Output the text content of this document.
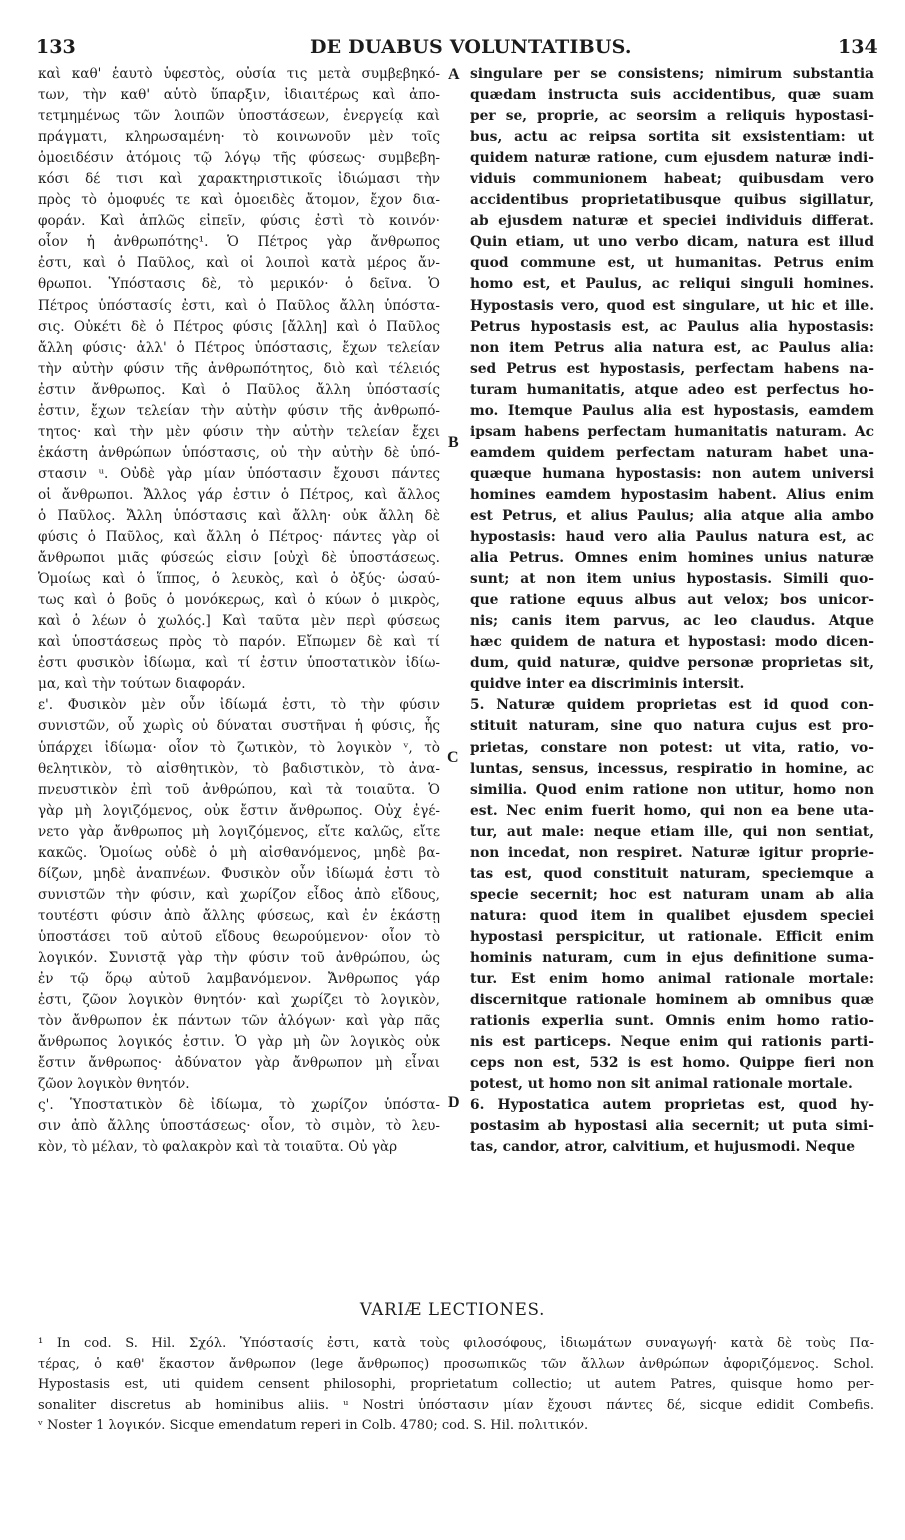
133	DE DUABUS VOLUNTATIBUS.	134
καὶ καθ' ἑαυτὸ ὑφεστὸς, οὐσία τις μετὰ συμβεβηκό-
των, τὴν καθ' αὑτὸ ὕπαρξιν, ἰδιαιτέρως καὶ ἀπο-
τετμημένως τῶν λοιπῶν ὑποστάσεων, ἐνεργείᾳ καὶ
πράγματι, κληρωσαμένη· τὸ κοινωνοῦν μὲν τοῖς
ὁμοειδέσιν ἀτόμοις τῷ λόγῳ τῆς φύσεως· συμβεβη-
κόσι δέ τισι καὶ χαρακτηριστικοῖς ἰδιώμασι τὴν
πρὸς τὸ ὁμοφυές τε καὶ ὁμοειδὲς ἄτομον, ἔχον δια-
φοράν. Καὶ ἁπλῶς εἰπεῖν, φύσις ἐστὶ τὸ κοινόν·
οἷον ἡ ἀνθρωπότης¹. Ὁ Πέτρος γὰρ ἄνθρωπος
ἐστι, καὶ ὁ Παῦλος, καὶ οἱ λοιποὶ κατὰ μέρος ἄν-
θρωποι. Ὑπόστασις δὲ, τὸ μερικόν· ὁ δεῖνα. Ὁ
Πέτρος ὑπόστασίς ἐστι, καὶ ὁ Παῦλος ἄλλη ὑπόστα-
σις. Οὐκέτι δὲ ὁ Πέτρος φύσις [ἄλλη] καὶ ὁ Παῦλος
ἄλλη φύσις· ἀλλ' ὁ Πέτρος ὑπόστασις, ἔχων τελείαν
τὴν αὐτὴν φύσιν τῆς ἀνθρωπότητος, διὸ καὶ τέλειός
ἐστιν ἄνθρωπος. Καὶ ὁ Παῦλος ἄλλη ὑπόστασίς
ἐστιν, ἔχων τελείαν τὴν αὐτὴν φύσιν τῆς ἀνθρωπό-
τητος· καὶ τὴν μὲν φύσιν τὴν αὐτὴν τελείαν ἔχει
ἑκάστη ἀνθρώπων ὑπόστασις, οὐ τὴν αὐτὴν δὲ ὑπό-
στασιν ᵘ. Οὐδὲ γὰρ μίαν ὑπόστασιν ἔχουσι πάντες
οἱ ἄνθρωποι. Ἄλλος γάρ ἐστιν ὁ Πέτρος, καὶ ἄλλος
ὁ Παῦλος. Ἄλλη ὑπόστασις καὶ ἄλλη· οὐκ ἄλλη δὲ
φύσις ὁ Παῦλος, καὶ ἄλλη ὁ Πέτρος· πάντες γὰρ οἱ
ἄνθρωποι μιᾶς φύσεώς εἰσιν [οὐχὶ δὲ ὑποστάσεως.
Ὁμοίως καὶ ὁ ἵππος, ὁ λευκὸς, καὶ ὁ ὀξύς· ὡσαύ-
τως καὶ ὁ βοῦς ὁ μονόκερως, καὶ ὁ κύων ὁ μικρὸς,
καὶ ὁ λέων ὁ χωλός.] Καὶ ταῦτα μὲν περὶ φύσεως
καὶ ὑποστάσεως πρὸς τὸ παρόν. Εἴπωμεν δὲ καὶ τί
ἐστι φυσικὸν ἰδίωμα, καὶ τί ἐστιν ὑποστατικὸν ἰδίω-
μα, καὶ τὴν τούτων διαφοράν.
ε'. Φυσικὸν μὲν οὖν ἰδίωμά ἐστι, τὸ τὴν φύσιν
συνιστῶν, οὗ χωρὶς οὐ δύναται συστῆναι ἡ φύσις, ἧς
ὑπάρχει ἰδίωμα· οἷον τὸ ζωτικὸν, τὸ λογικὸν ᵛ, τὸ
θελητικὸν, τὸ αἰσθητικὸν, τὸ βαδιστικὸν, τὸ ἀνα-
πνευστικὸν ἐπὶ τοῦ ἀνθρώπου, καὶ τὰ τοιαῦτα. Ὁ
γὰρ μὴ λογιζόμενος, οὐκ ἔστιν ἄνθρωπος. Οὐχ ἐγέ-
νετο γὰρ ἄνθρωπος μὴ λογιζόμενος, εἴτε καλῶς, εἴτε
κακῶς. Ὁμοίως οὐδὲ ὁ μὴ αἰσθανόμενος, μηδὲ βα-
δίζων, μηδὲ ἀναπνέων. Φυσικὸν οὖν ἰδίωμά ἐστι τὸ
συνιστῶν τὴν φύσιν, καὶ χωρίζον εἶδος ἀπὸ εἴδους,
τουτέστι φύσιν ἀπὸ ἄλλης φύσεως, καὶ ἐν ἑκάστῃ
ὑποστάσει τοῦ αὐτοῦ εἴδους θεωρούμενον· οἷον τὸ
λογικόν. Συνιστᾷ γὰρ τὴν φύσιν τοῦ ἀνθρώπου, ὡς
ἐν τῷ ὅρῳ αὐτοῦ λαμβανόμενον. Ἄνθρωπος γάρ
ἐστι, ζῶον λογικὸν θνητόν· καὶ χωρίζει τὸ λογικὸν,
τὸν ἄνθρωπον ἐκ πάντων τῶν ἀλόγων· καὶ γὰρ πᾶς
ἄνθρωπος λογικός ἐστιν. Ὁ γὰρ μὴ ὢν λογικὸς οὐκ
ἔστιν ἄνθρωπος· ἀδύνατον γὰρ ἄνθρωπον μὴ εἶναι
ζῶον λογικὸν θνητόν.
ς'. Ὑποστατικὸν δὲ ἰδίωμα, τὸ χωρίζον ὑπόστα-
σιν ἀπὸ ἄλλης ὑποστάσεως· οἷον, τὸ σιμὸν, τὸ λευ-
κὸν, τὸ μέλαν, τὸ φαλακρὸν καὶ τὰ τοιαῦτα. Οὐ γὰρ
singulare per se consistens; nimirum substantia
quædam instructa suis accidentibus, quæ suam
per se, proprie, ac seorsim a reliquis hypostasi-
bus, actu ac reipsa sortita sit exsistentiam: ut
quidem naturæ ratione, cum ejusdem naturæ indi-
viduis communionem habeat; quibusdam vero
accidentibus proprietatibusque quibus sigillatur,
ab ejusdem naturæ et speciei individuis differat.
Quin etiam, ut uno verbo dicam, natura est illud
quod commune est, ut humanitas. Petrus enim
homo est, et Paulus, ac reliqui singuli homines.
Hypostasis vero, quod est singulare, ut hic et ille.
Petrus hypostasis est, ac Paulus alia hypostasis:
non item Petrus alia natura est, ac Paulus alia:
sed Petrus est hypostasis, perfectam habens na-
turam humanitatis, atque adeo est perfectus ho-
mo. Itemque Paulus alia est hypostasis, eamdem
ipsam habens perfectam humanitatis naturam. Ac
eamdem quidem perfectam naturam habet una-
quæque humana hypostasis: non autem universi
homines eamdem hypostasim habent. Alius enim
est Petrus, et alius Paulus; alia atque alia ambo
hypostasis: haud vero alia Paulus natura est, ac
alia Petrus. Omnes enim homines unius naturæ
sunt; at non item unius hypostasis. Simili quo-
que ratione equus albus aut velox; bos unicor-
nis; canis item parvus, ac leo claudus. Atque
hæc quidem de natura et hypostasi: modo dicen-
dum, quid naturæ, quidve personæ proprietas sit,
quidve inter ea discriminis intersit.
5. Naturæ quidem proprietas est id quod con-
stituit naturam, sine quo natura cujus est pro-
prietas, constare non potest: ut vita, ratio, vo-
luntas, sensus, incessus, respiratio in homine, ac
similia. Quod enim ratione non utitur, homo non
est. Nec enim fuerit homo, qui non ea bene uta-
tur, aut male: neque etiam ille, qui non sentiat,
non incedat, non respiret. Naturæ igitur proprie-
tas est, quod constituit naturam, speciemque a
specie secernit; hoc est naturam unam ab alia
natura: quod item in qualibet ejusdem speciei
hypostasi perspicitur, ut rationale. Efficit enim
hominis naturam, cum in ejus definitione suma-
tur. Est enim homo animal rationale mortale:
discernitque rationale hominem ab omnibus quæ
rationis experlia sunt. Omnis enim homo ratio-
nis est particeps. Neque enim qui rationis parti-
ceps non est, 532 is est homo. Quippe fieri non
potest, ut homo non sit animal rationale mortale.
6. Hypostatica autem proprietas est, quod hy-
postasim ab hypostasi alia secernit; ut puta simi-
tas, candor, atror, calvitium, et hujusmodi. Neque
A
B
C
D
VARIÆ LECTIONES.
¹ In cod. S. Hil. Σχόλ. Ὑπόστασίς ἐστι, κατὰ τοὺς φιλοσόφους, ἰδιωμάτων συναγωγή· κατὰ δὲ τοὺς Πα-
τέρας, ὁ καθ' ἕκαστον ἄνθρωπον (lege ἄνθρωπος) προσωπικῶς τῶν ἄλλων ἀνθρώπων ἀφοριζόμενος. Schol.
Hypostasis est, uti quidem censent philosophi, proprietatum collectio; ut autem Patres, quisque homo per-
sonaliter discretus ab hominibus aliis. ᵘ Nostri ὑπόστασιν μίαν ἔχουσι πάντες δέ, sicque edidit Combefis.
ᵛ Noster 1 λογικόν. Sicque emendatum reperi in Colb. 4780; cod. S. Hil. πολιτικόν.
